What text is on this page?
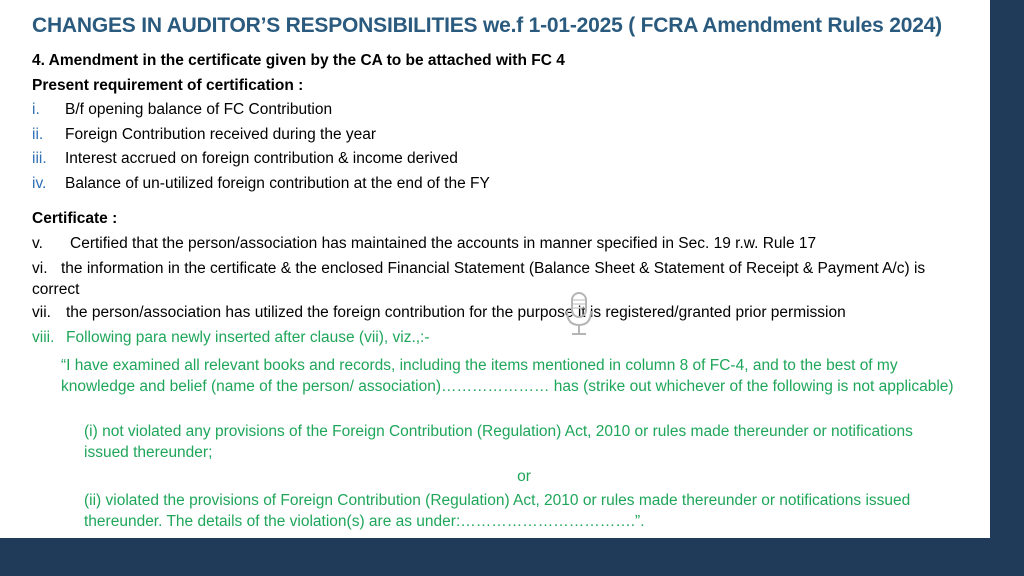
CHANGES IN AUDITOR’S RESPONSIBILITIES we.f 1-01-2025 ( FCRA Amendment Rules 2024)
4. Amendment in the certificate given by the CA to be attached with FC 4
Present requirement of certification :
i. B/f opening balance of FC Contribution
ii. Foreign Contribution received during the year
iii. Interest accrued on foreign contribution & income derived
iv. Balance of un-utilized foreign contribution at the end of the FY
Certificate :
v. Certified that the person/association has maintained the accounts in manner specified in Sec. 19 r.w. Rule 17
vi. the information in the certificate & the enclosed Financial Statement (Balance Sheet & Statement of Receipt & Payment A/c) is correct
vii. the person/association has utilized the foreign contribution for the purpose it is registered/granted prior permission
viii. Following para newly inserted after clause (vii), viz.,:-
“I have examined all relevant books and records, including the items mentioned in column 8 of FC-4, and to the best of my knowledge and belief (name of the person/ association)………………… has (strike out whichever of the following is not applicable)
(i) not violated any provisions of the Foreign Contribution (Regulation) Act, 2010 or rules made thereunder or notifications issued thereunder;
or
(ii) violated the provisions of Foreign Contribution (Regulation) Act, 2010 or rules made thereunder or notifications issued thereunder. The details of the violation(s) are as under:…………………………….”.
